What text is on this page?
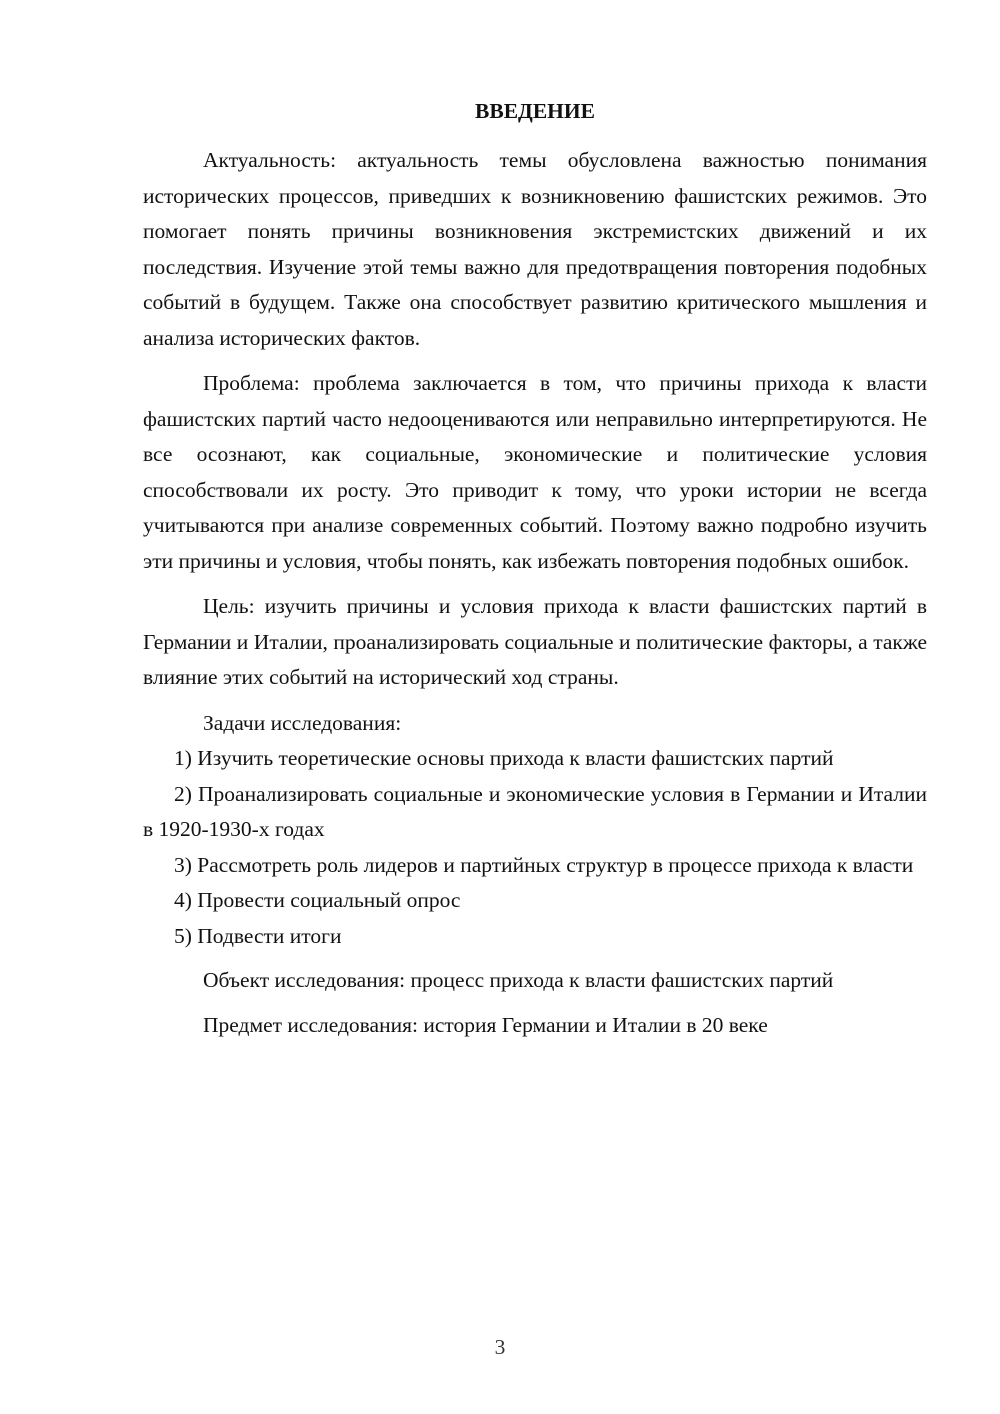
ВВЕДЕНИЕ

Актуальность: актуальность темы обусловлена важностью понимания исторических процессов, приведших к возникновению фашистских режимов. Это помогает понять причины возникновения экстремистских движений и их последствия. Изучение этой темы важно для предотвращения повторения подобных событий в будущем. Также она способствует развитию критического мышления и анализа исторических фактов.

Проблема: проблема заключается в том, что причины прихода к власти фашистских партий часто недооцениваются или неправильно интерпретируются. Не все осознают, как социальные, экономические и политические условия способствовали их росту. Это приводит к тому, что уроки истории не всегда учитываются при анализе современных событий. Поэтому важно подробно изучить эти причины и условия, чтобы понять, как избежать повторения подобных ошибок.

Цель: изучить причины и условия прихода к власти фашистских партий в Германии и Италии, проанализировать социальные и политические факторы, а также влияние этих событий на исторический ход страны.

Задачи исследования:

1) Изучить теоретические основы прихода к власти фашистских партий

2) Проанализировать социальные и экономические условия в Германии и Италии в 1920-1930-х годах

3) Рассмотреть роль лидеров и партийных структур в процессе прихода к власти

4) Провести социальный опрос

5) Подвести итоги

Объект исследования: процесс прихода к власти фашистских партий

Предмет исследования: история Германии и Италии в 20 веке

3
